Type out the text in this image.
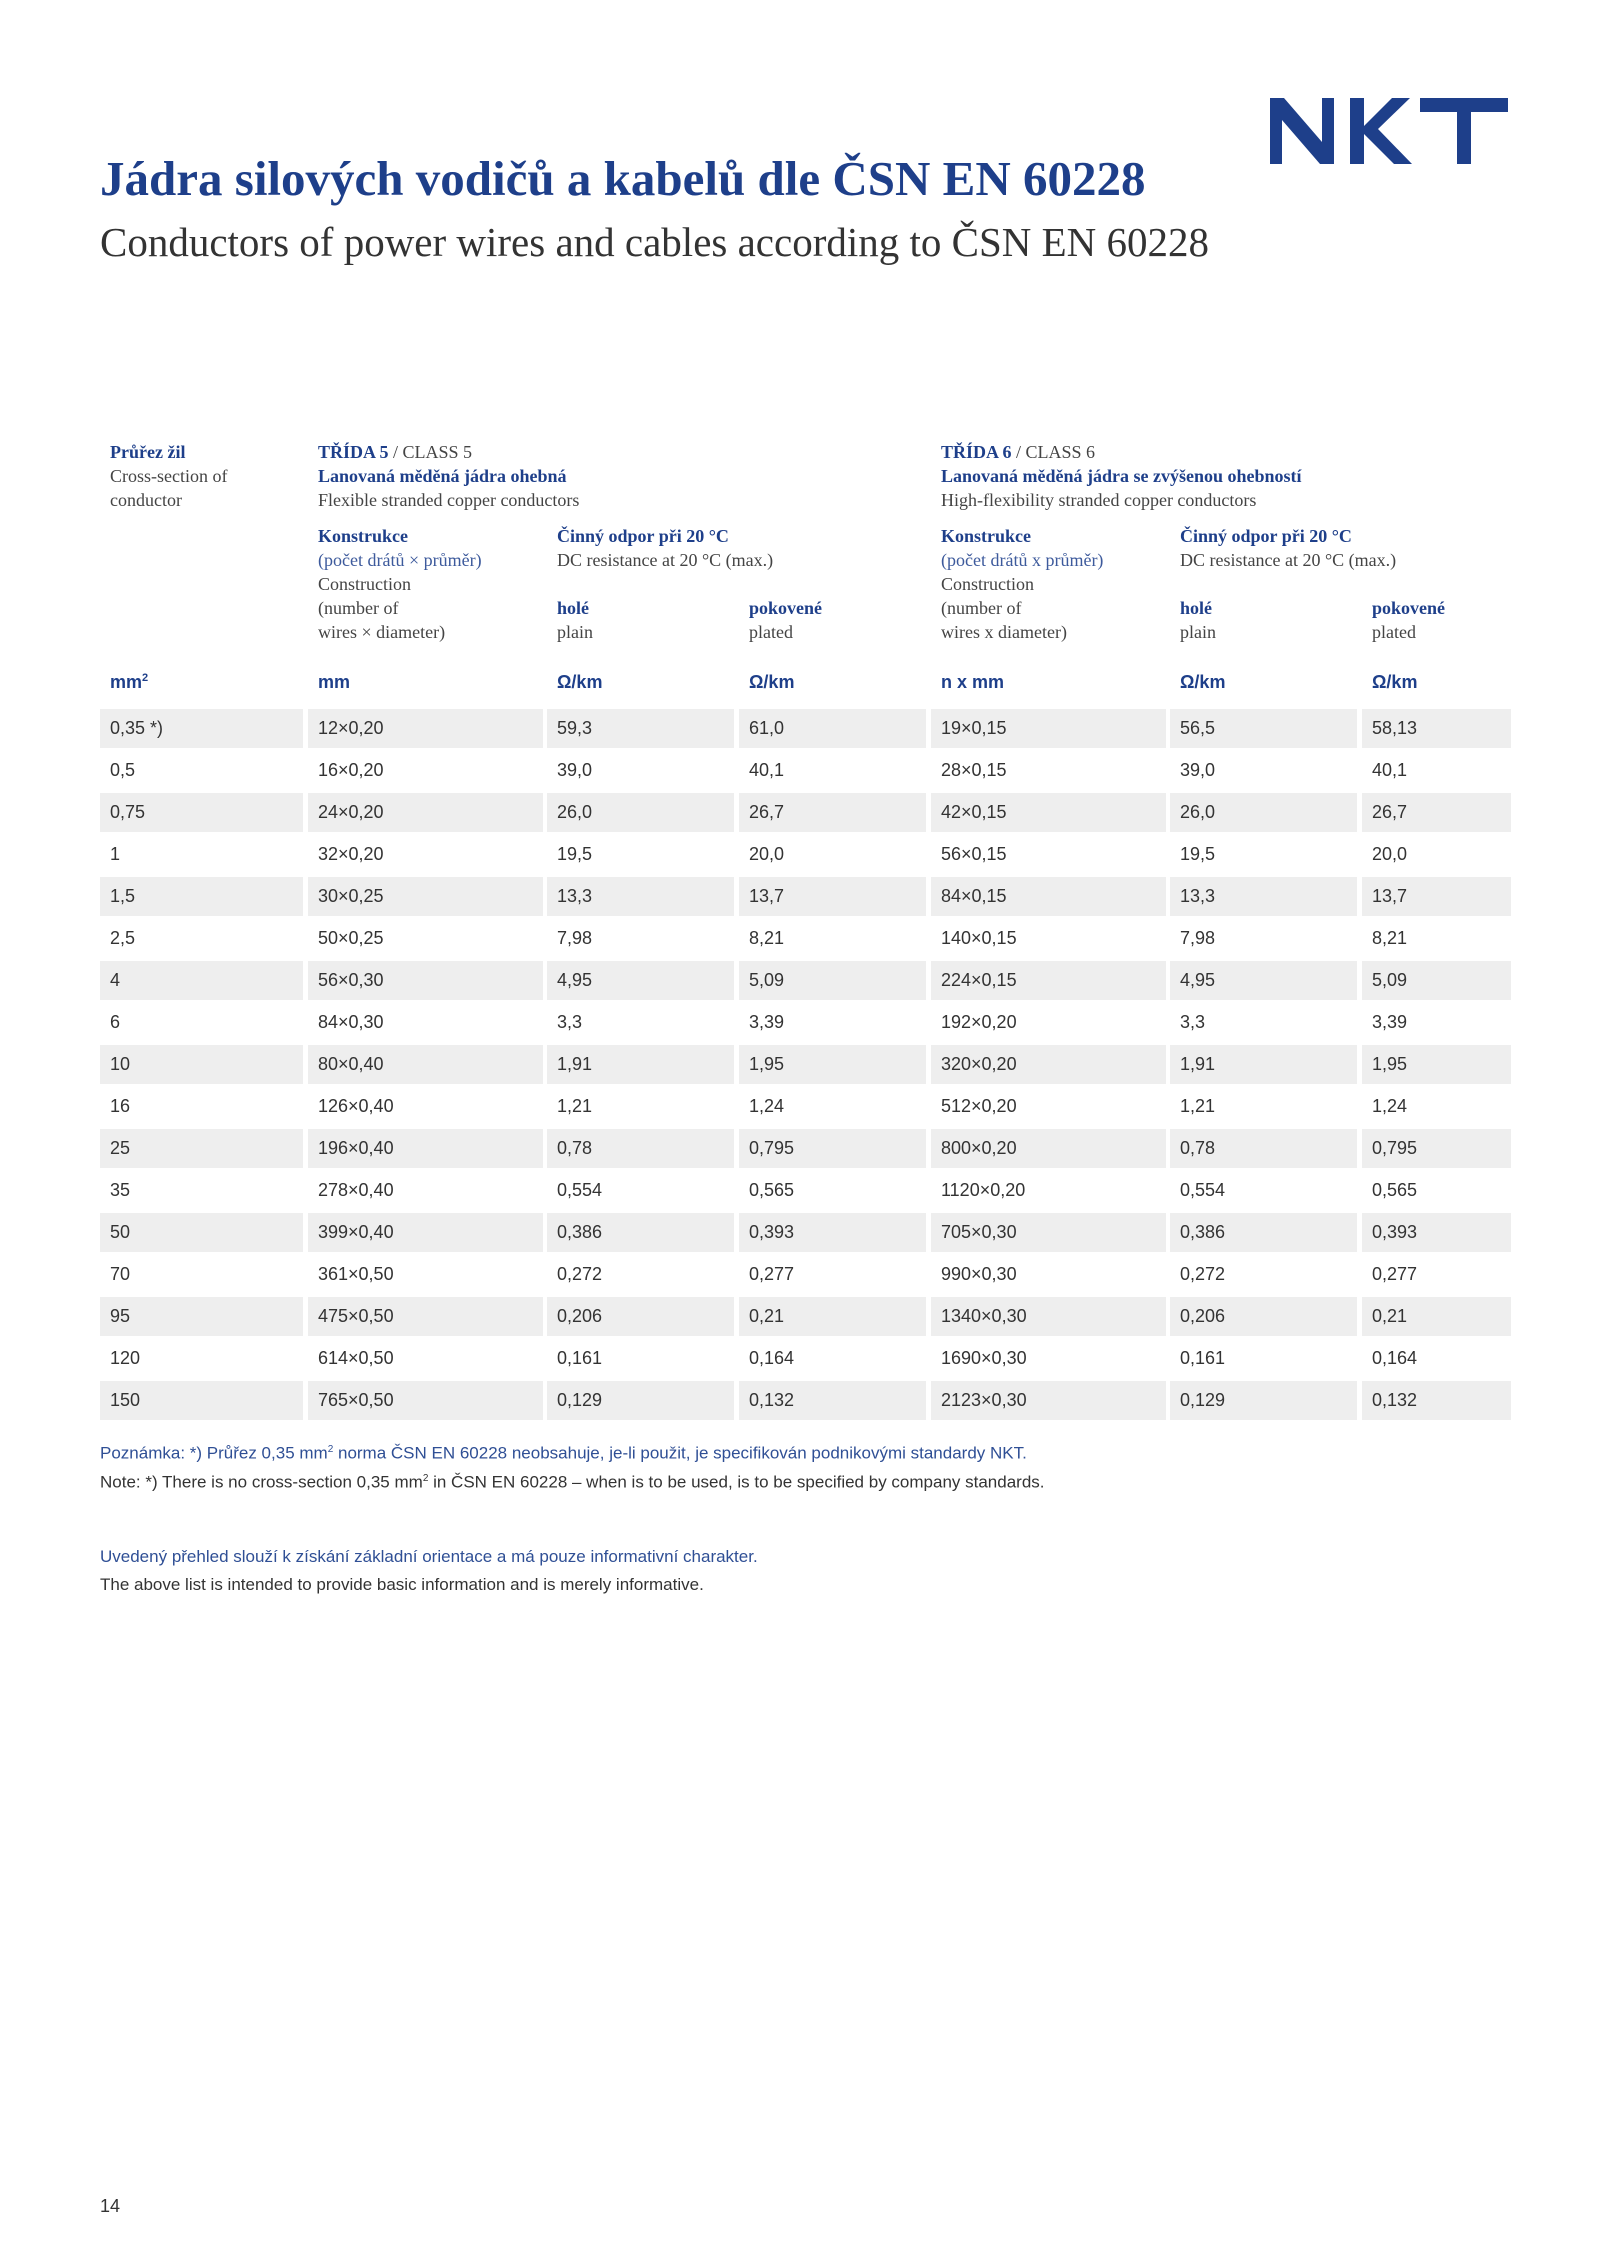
Jádra silových vodičů a kabelů dle ČSN EN 60228
Conductors of power wires and cables according to ČSN EN 60228
Průřez žil
Cross-section of
conductor
TŘÍDA 5 / CLASS 5
Lanovaná měděná jádra ohebná
Flexible stranded copper conductors
Konstrukce
(počet drátů × průměr)
Construction
(number of
wires × diameter)
Činný odpor při 20 °C
DC resistance at 20 °C (max.)
holé
plain
pokovené
plated
TŘÍDA 6 / CLASS 6
Lanovaná měděná jádra se zvýšenou ohebností
High-flexibility stranded copper conductors
Konstrukce
(počet drátů x průměr)
Construction
(number of
wires x diameter)
Činný odpor při 20 °C
DC resistance at 20 °C (max.)
holé
plain
pokovené
plated
$mm^2$	mm	Ω/km	Ω/km	n x mm	Ω/km	Ω/km
0,35 *)	12×0,20	59,3	61,0	19×0,15	56,5	58,13
0,5	16×0,20	39,0	40,1	28×0,15	39,0	40,1
0,75	24×0,20	26,0	26,7	42×0,15	26,0	26,7
1	32×0,20	19,5	20,0	56×0,15	19,5	20,0
1,5	30×0,25	13,3	13,7	84×0,15	13,3	13,7
2,5	50×0,25	7,98	8,21	140×0,15	7,98	8,21
4	56×0,30	4,95	5,09	224×0,15	4,95	5,09
6	84×0,30	3,3	3,39	192×0,20	3,3	3,39
10	80×0,40	1,91	1,95	320×0,20	1,91	1,95
16	126×0,40	1,21	1,24	512×0,20	1,21	1,24
25	196×0,40	0,78	0,795	800×0,20	0,78	0,795
35	278×0,40	0,554	0,565	1120×0,20	0,554	0,565
50	399×0,40	0,386	0,393	705×0,30	0,386	0,393
70	361×0,50	0,272	0,277	990×0,30	0,272	0,277
95	475×0,50	0,206	0,21	1340×0,30	0,206	0,21
120	614×0,50	0,161	0,164	1690×0,30	0,161	0,164
150	765×0,50	0,129	0,132	2123×0,30	0,129	0,132
Poznámka: *) Průřez 0,35 $mm^2$ norma ČSN EN 60228 neobsahuje, je-li použit, je specifikován podnikovými standardy NKT.
Note: *) There is no cross-section 0,35 $mm^2$ in ČSN EN 60228 – when is to be used, is to be specified by company standards.
Uvedený přehled slouží k získání základní orientace a má pouze informativní charakter.
The above list is intended to provide basic information and is merely informative.
14
